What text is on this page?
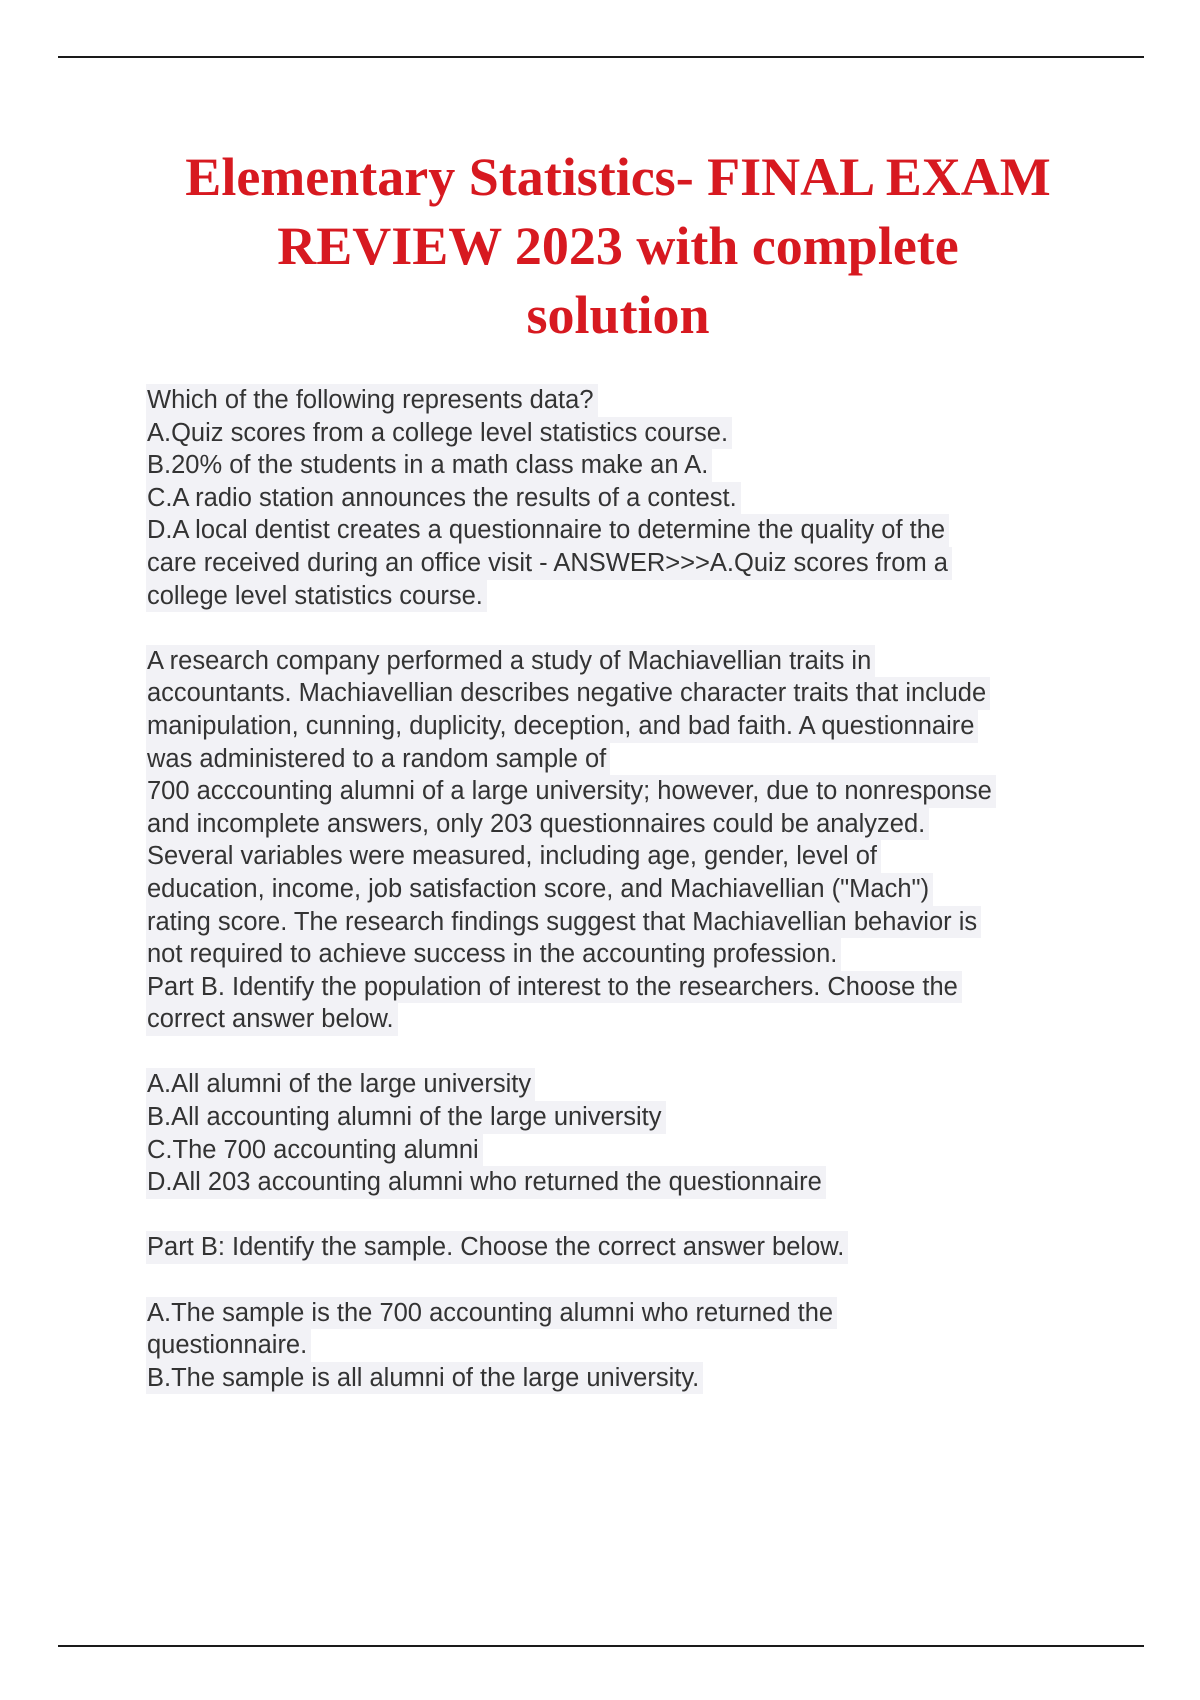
Elementary Statistics- FINAL EXAM
REVIEW 2023 with complete
solution
Which of the following represents data?
A.Quiz scores from a college level statistics course.
B.20% of the students in a math class make an A.
C.A radio station announces the results of a contest.
D.A local dentist creates a questionnaire to determine the quality of the
care received during an office visit - ANSWER>>>A.Quiz scores from a
college level statistics course.
A research company performed a study of Machiavellian traits in
accountants. Machiavellian describes negative character traits that include
manipulation, cunning, duplicity, deception, and bad faith. A questionnaire
was administered to a random sample of
700 acccounting alumni of a large university; however, due to nonresponse
and incomplete answers, only 203 questionnaires could be analyzed.
Several variables were measured, including age, gender, level of
education, income, job satisfaction score, and Machiavellian ("Mach")
rating score. The research findings suggest that Machiavellian behavior is
not required to achieve success in the accounting profession.
Part B. Identify the population of interest to the researchers. Choose the
correct answer below.
A.All alumni of the large university
B.All accounting alumni of the large university
C.The 700 accounting alumni
D.All 203 accounting alumni who returned the questionnaire
Part B: Identify the sample. Choose the correct answer below.
A.The sample is the 700 accounting alumni who returned the
questionnaire.
B.The sample is all alumni of the large university.
